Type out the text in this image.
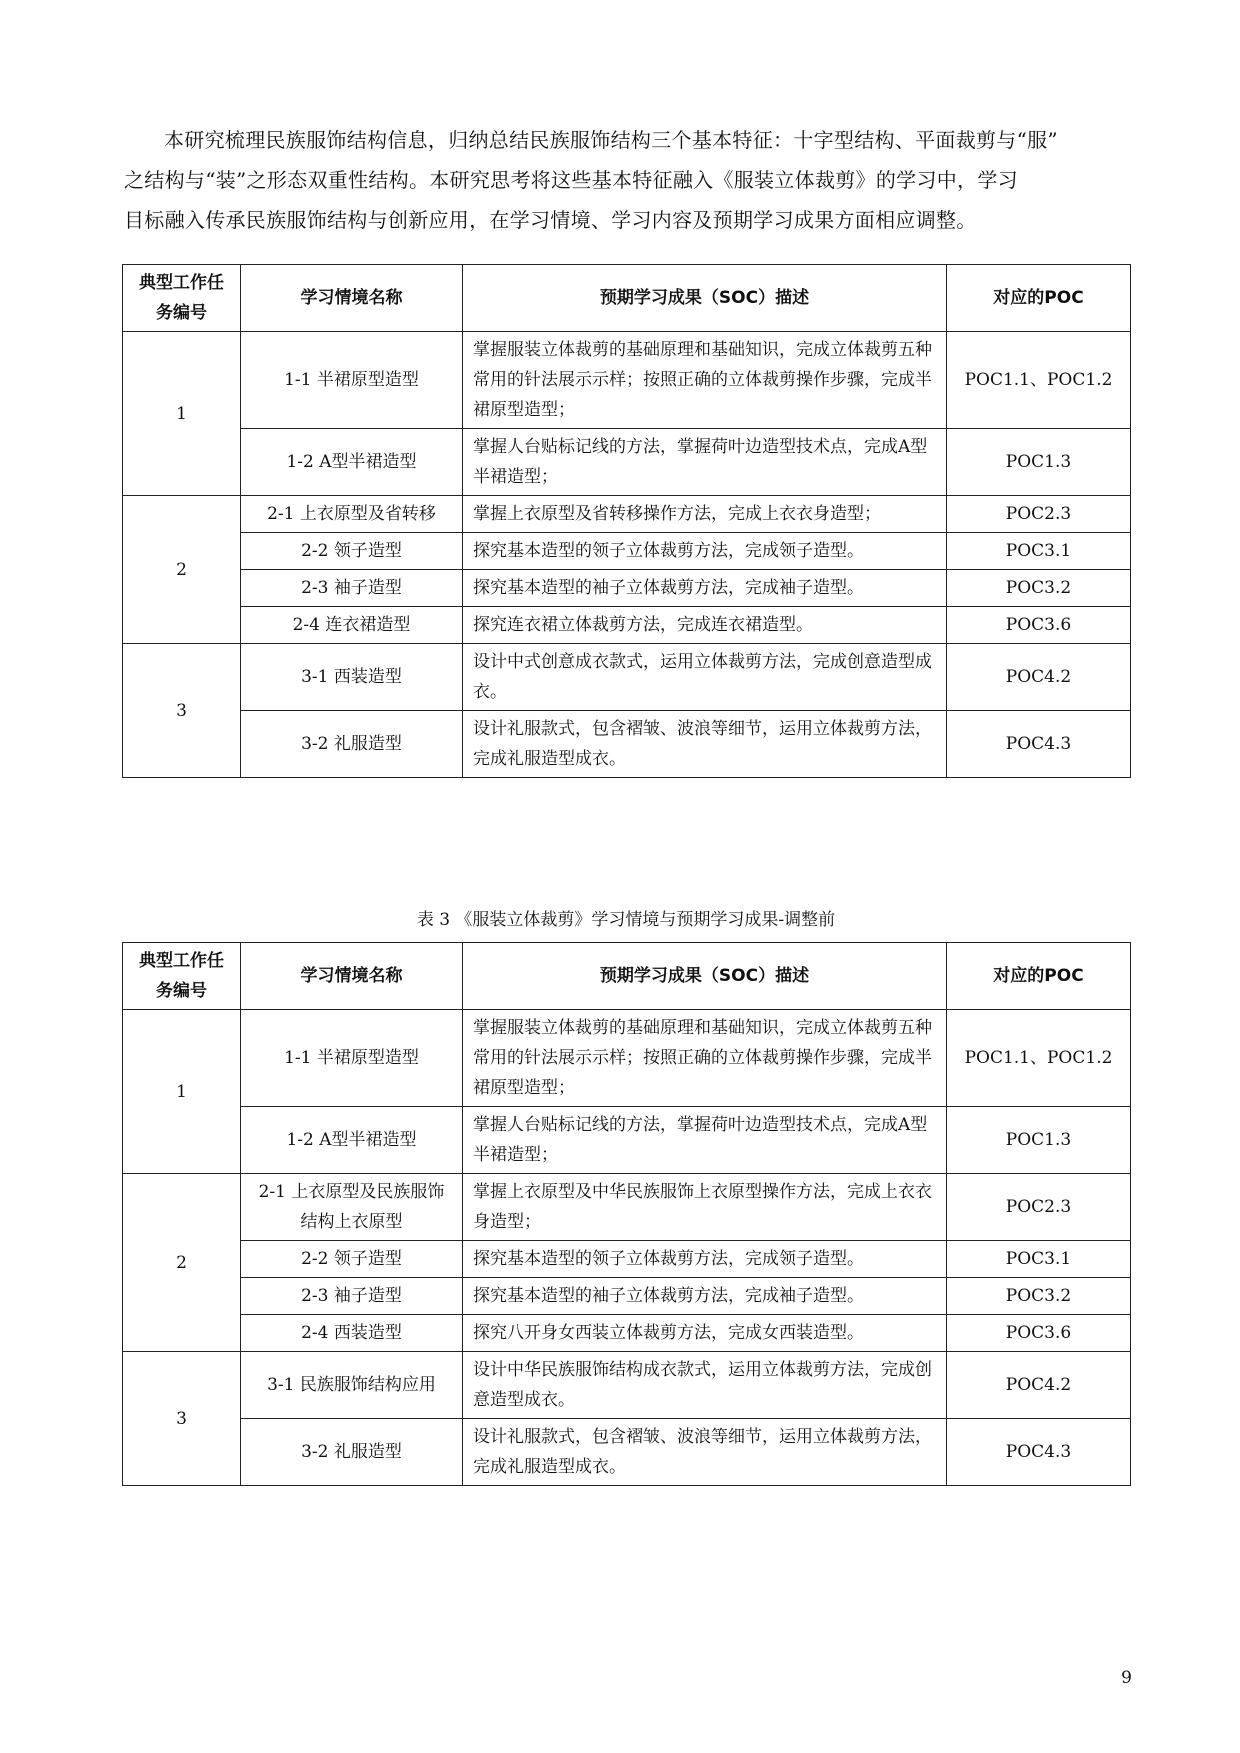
本研究梳理民族服饰结构信息，归纳总结民族服饰结构三个基本特征：十字型结构、平面裁剪与“服”

之结构与“装”之形态双重性结构。本研究思考将这些基本特征融入《服装立体裁剪》的学习中，学习

目标融入传承民族服饰结构与创新应用，在学习情境、学习内容及预期学习成果方面相应调整。

典型工作任务编号	学习情境名称	预期学习成果（SOC）描述	对应的POC
1	1-1 半裙原型造型	掌握服装立体裁剪的基础原理和基础知识，完成立体裁剪五种常用的针法展示示样；按照正确的立体裁剪操作步骤，完成半裙原型造型；	POC1.1、POC1.2
	1-2 A型半裙造型	掌握人台贴标记线的方法，掌握荷叶边造型技术点，完成A型半裙造型；	POC1.3
2	2-1 上衣原型及省转移	掌握上衣原型及省转移操作方法，完成上衣衣身造型；	POC2.3
	2-2 领子造型	探究基本造型的领子立体裁剪方法，完成领子造型。	POC3.1
	2-3 袖子造型	探究基本造型的袖子立体裁剪方法，完成袖子造型。	POC3.2
	2-4 连衣裙造型	探究连衣裙立体裁剪方法，完成连衣裙造型。	POC3.6
3	3-1 西装造型	设计中式创意成衣款式，运用立体裁剪方法，完成创意造型成衣。	POC4.2
	3-2 礼服造型	设计礼服款式，包含褶皱、波浪等细节，运用立体裁剪方法，完成礼服造型成衣。	POC4.3
表 3 《服装立体裁剪》学习情境与预期学习成果-调整前
典型工作任务编号	学习情境名称	预期学习成果（SOC）描述	对应的POC
1	1-1 半裙原型造型	掌握服装立体裁剪的基础原理和基础知识，完成立体裁剪五种常用的针法展示示样；按照正确的立体裁剪操作步骤，完成半裙原型造型；	POC1.1、POC1.2
	1-2 A型半裙造型	掌握人台贴标记线的方法，掌握荷叶边造型技术点，完成A型半裙造型；	POC1.3
2	2-1 上衣原型及民族服饰结构上衣原型	掌握上衣原型及中华民族服饰上衣原型操作方法，完成上衣衣身造型；	POC2.3
	2-2 领子造型	探究基本造型的领子立体裁剪方法，完成领子造型。	POC3.1
	2-3 袖子造型	探究基本造型的袖子立体裁剪方法，完成袖子造型。	POC3.2
	2-4 西装造型	探究八开身女西装立体裁剪方法，完成女西装造型。	POC3.6
3	3-1 民族服饰结构应用	设计中华民族服饰结构成衣款式，运用立体裁剪方法，完成创意造型成衣。	POC4.2
	3-2 礼服造型	设计礼服款式，包含褶皱、波浪等细节，运用立体裁剪方法，完成礼服造型成衣。	POC4.3
9
